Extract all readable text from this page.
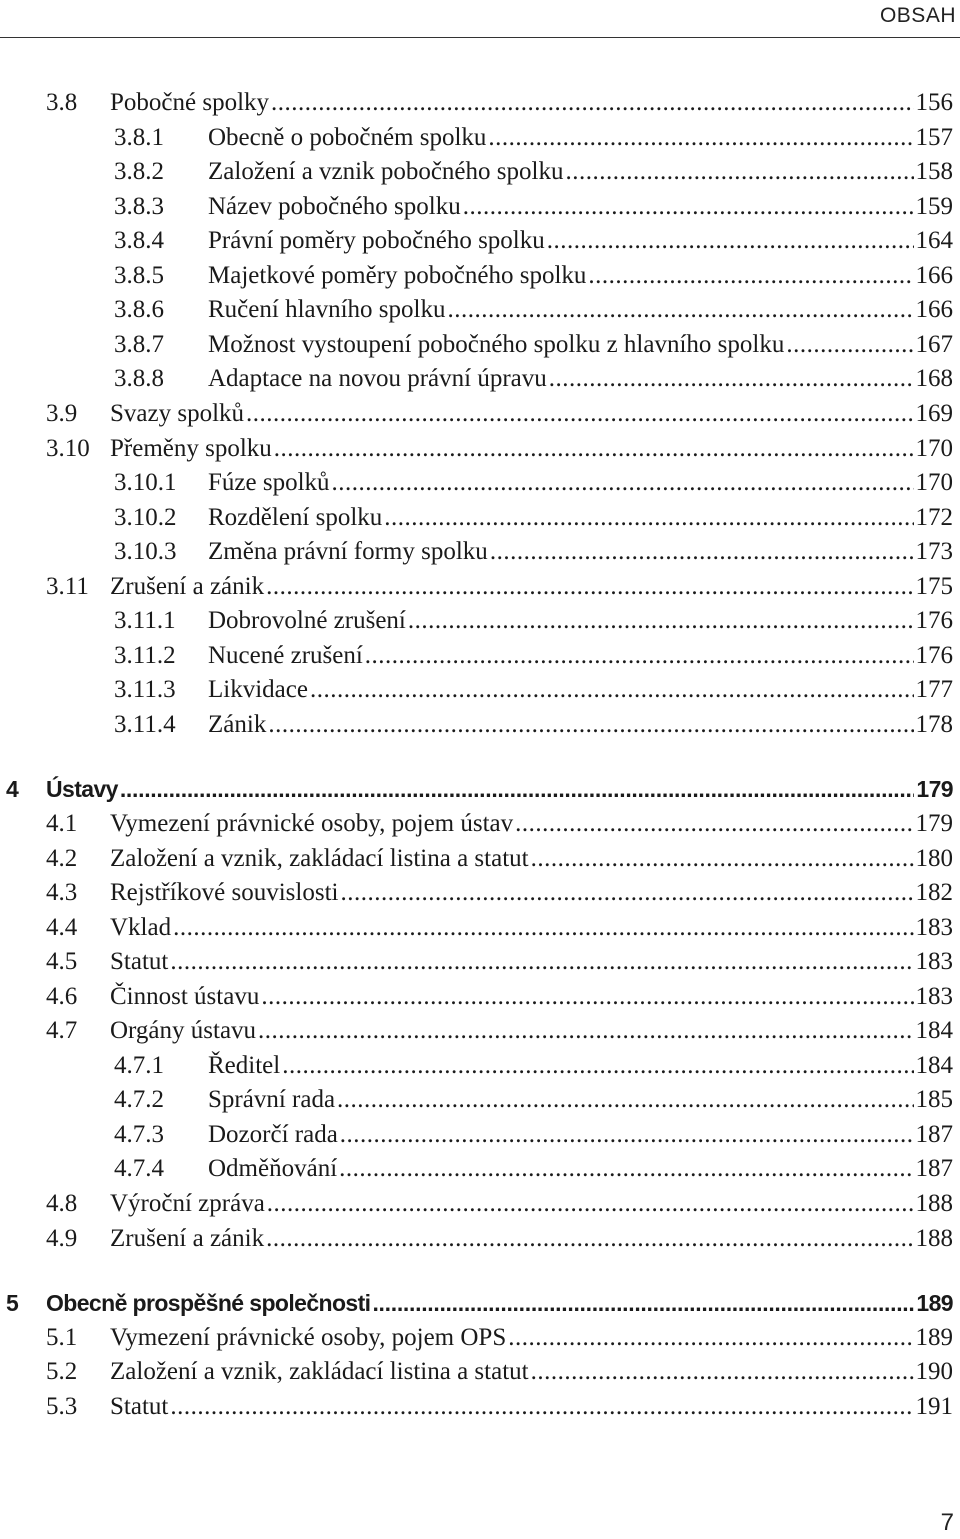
OBSAH
3.8 Pobočné spolky .....	156
3.8.1 Obecně o pobočném spolku .....	157
3.8.2 Založení a vznik pobočného spolku .....	158
3.8.3 Název pobočného spolku .....	159
3.8.4 Právní poměry pobočného spolku .....	164
3.8.5 Majetkové poměry pobočného spolku .....	166
3.8.6 Ručení hlavního spolku .....	166
3.8.7 Možnost vystoupení pobočného spolku z hlavního spolku .....	167
3.8.8 Adaptace na novou právní úpravu .....	168
3.9 Svazy spolků .....	169
3.10 Přeměny spolku .....	170
3.10.1 Fúze spolků .....	170
3.10.2 Rozdělení spolku .....	172
3.10.3 Změna právní formy spolku .....	173
3.11 Zrušení a zánik .....	175
3.11.1 Dobrovolné zrušení .....	176
3.11.2 Nucené zrušení .....	176
3.11.3 Likvidace .....	177
3.11.4 Zánik .....	178
4 Ústavy .....	179
4.1 Vymezení právnické osoby, pojem ústav .....	179
4.2 Založení a vznik, zakládací listina a statut .....	180
4.3 Rejstříkové souvislosti .....	182
4.4 Vklad .....	183
4.5 Statut .....	183
4.6 Činnost ústavu .....	183
4.7 Orgány ústavu .....	184
4.7.1 Ředitel .....	184
4.7.2 Správní rada .....	185
4.7.3 Dozorčí rada .....	187
4.7.4 Odměňování .....	187
4.8 Výroční zpráva .....	188
4.9 Zrušení a zánik .....	188
5 Obecně prospěšné společnosti .....	189
5.1 Vymezení právnické osoby, pojem OPS .....	189
5.2 Založení a vznik, zakládací listina a statut .....	190
5.3 Statut .....	191
7
